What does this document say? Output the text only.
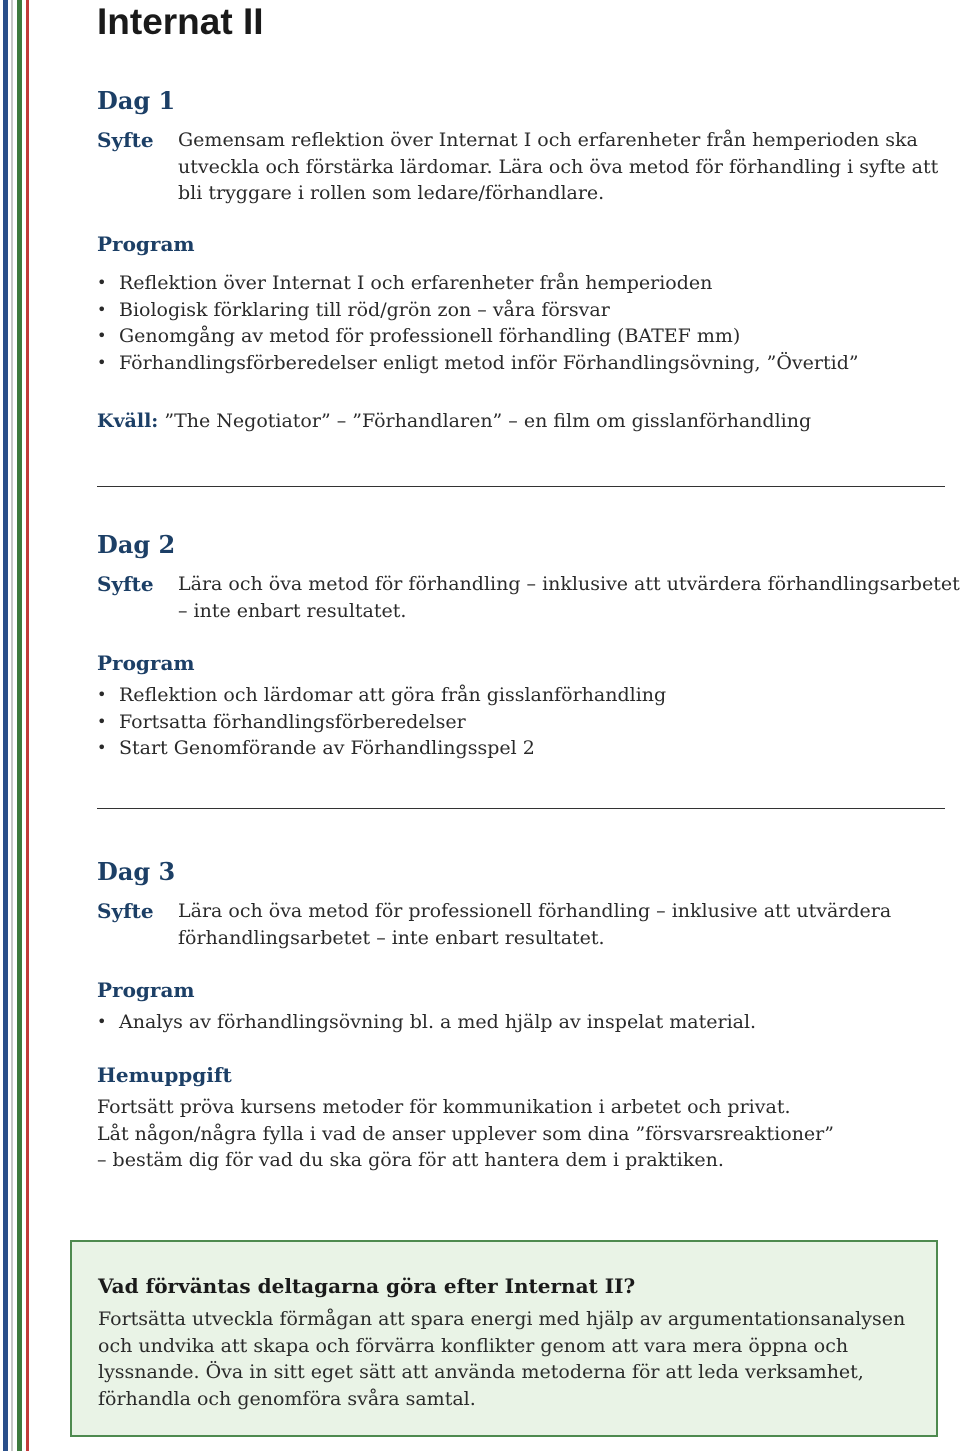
Internat II
Dag 1
Syfte Gemensam reflektion över Internat I och erfarenheter från hemperioden ska
utveckla och förstärka lärdomar. Lära och öva metod för förhandling i syfte att
bli tryggare i rollen som ledare/förhandlare.

Program
• Reflektion över Internat I och erfarenheter från hemperioden
• Biologisk förklaring till röd/grön zon – våra försvar
• Genomgång av metod för professionell förhandling (BATEF mm)
• Förhandlingsförberedelser enligt metod inför Förhandlingsövning, ”Övertid”
Kväll: ”The Negotiator” – ”Förhandlaren” – en film om gisslanförhandling
Dag 2
Syfte Lära och öva metod för förhandling – inklusive att utvärdera förhandlingsarbetet
– inte enbart resultatet.

Program
• Reflektion och lärdomar att göra från gisslanförhandling
• Fortsatta förhandlingsförberedelser
• Start Genomförande av Förhandlingsspel 2
Dag 3
Syfte Lära och öva metod för professionell förhandling – inklusive att utvärdera
förhandlingsarbetet – inte enbart resultatet.

Program
• Analys av förhandlingsövning bl. a med hjälp av inspelat material.
Hemuppgift

Fortsätt pröva kursens metoder för kommunikation i arbetet och privat.
Låt någon/några fylla i vad de anser upplever som dina ”försvarsreaktioner”
– bestäm dig för vad du ska göra för att hantera dem i praktiken.

Vad förväntas deltagarna göra efter Internat II?

Fortsätta utveckla förmågan att spara energi med hjälp av argumentationsanalysen
och undvika att skapa och förvärra konflikter genom att vara mera öppna och
lyssnande. Öva in sitt eget sätt att använda metoderna för att leda verksamhet,
förhandla och genomföra svåra samtal.
